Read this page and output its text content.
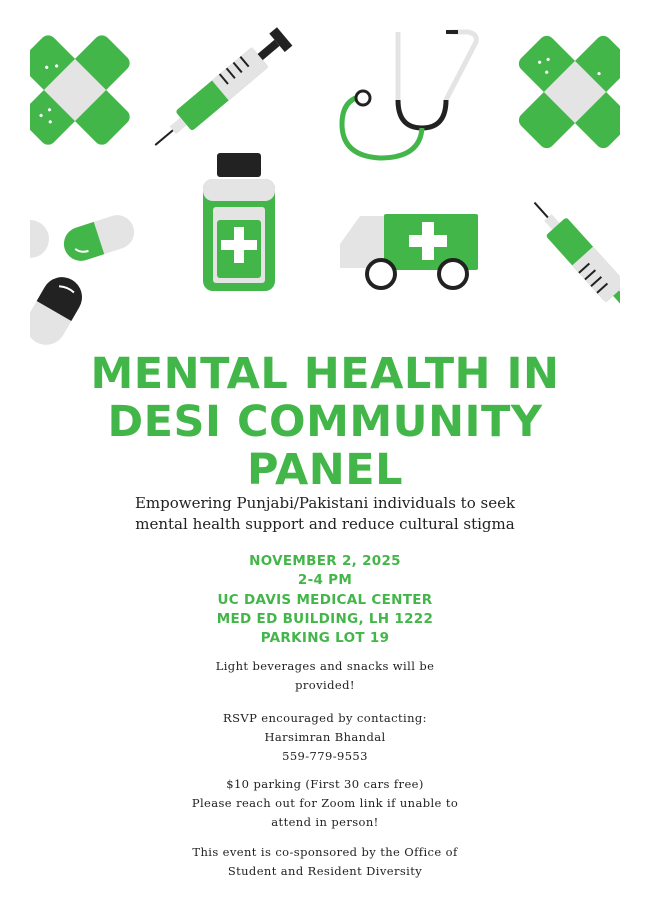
MENTAL HEALTH IN
DESI COMMUNITY
PANEL
Empowering Punjabi/Pakistani individuals to seek
mental health support and reduce cultural stigma
NOVEMBER 2, 2025
2-4 PM
UC DAVIS MEDICAL CENTER
MED ED BUILDING, LH 1222
PARKING LOT 19
Light beverages and snacks will be
provided!
RSVP encouraged by contacting:
Harsimran Bhandal
559-779-9553
$10 parking (First 30 cars free)
Please reach out for Zoom link if unable to
attend in person!
This event is co-sponsored by the Office of
Student and Resident Diversity
